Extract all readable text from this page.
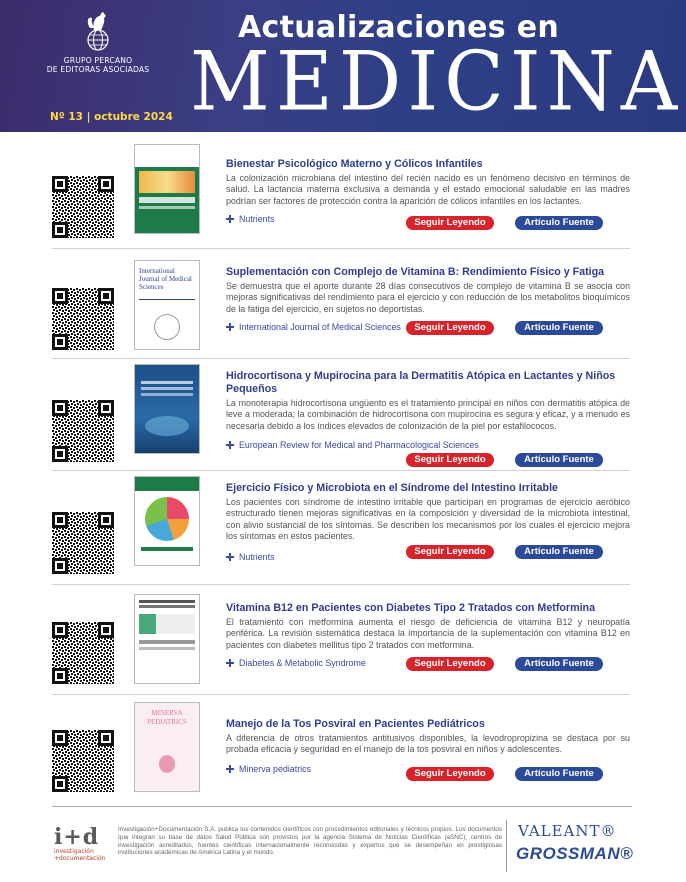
GRUPO PERCANO
DE EDITORAS ASOCIADAS
Actualizaciones en
MEDICINA
Nº 13 | octubre 2024
Bienestar Psicológico Materno y Cólicos Infantiles
La colonización microbiana del intestino del recién nacido es un fenómeno decisivo en términos de salud. La lactancia materna exclusiva a demanda y el estado emocional saludable en las madres podrían ser factores de protección contra la aparición de cólicos infantiles en los lactantes.
Nutrients	Seguir Leyendo	Artículo Fuente
International Journal of Medical Sciences
Suplementación con Complejo de Vitamina B: Rendimiento Físico y Fatiga
Se demuestra que el aporte durante 28 días consecutivos de complejo de vitamina B se asocia con mejoras significativas del rendimiento para el ejercicio y con reducción de los metabolitos bioquímicos de la fatiga del ejercicio, en sujetos no deportistas.
International Journal of Medical Sciences	Seguir Leyendo	Artículo Fuente
Hidrocortisona y Mupirocina para la Dermatitis Atópica en Lactantes y Niños Pequeños
La monoterapia hidrocortisona ungüento es el tratamiento principal en niños con dermatitis atópica de leve a moderada; la combinación de hidrocortisona con mupirocina es segura y eficaz, y a menudo es necesaria debido a los índices elevados de colonización de la piel por estafilococos.
European Review for Medical and Pharmacological Sciences
Seguir Leyendo	Artículo Fuente
Ejercicio Físico y Microbiota en el Síndrome del Intestino Irritable
Los pacientes con síndrome de intestino irritable que participan en programas de ejercicio aeróbico estructurado tienen mejoras significativas en la composición y diversidad de la microbiota intestinal, con alivio sustancial de los síntomas. Se describen los mecanismos por los cuales el ejercicio mejora los síntomas en estos pacientes.
Nutrients	Seguir Leyendo	Artículo Fuente
Vitamina B12 en Pacientes con Diabetes Tipo 2 Tratados con Metformina
El tratamiento con metformina aumenta el riesgo de deficiencia de vitamina B12 y neuropatía periférica. La revisión sistemática destaca la importancia de la suplementación con vitamina B12 en pacientes con diabetes mellitus tipo 2 tratados con metformina.
Diabetes & Metabolic Syndrome	Seguir Leyendo	Artículo Fuente
MINERVA PEDIATRICS	Manejo de la Tos Posviral en Pacientes Pediátricos
A diferencia de otros tratamientos antitusivos disponibles, la levodropropizina se destaca por su probada eficacia y seguridad en el manejo de la tos posviral en niños y adolescentes.
Minerva pediatrics	Seguir Leyendo	Artículo Fuente
i+d
investigación
+documentación
Investigación+Documentación S.A. publica los contenidos científicos con procedimientos editoriales y técnicos propios. Los documentos que integran su base de datos Salud Pública son provistos por la agencia Sistema de Noticias Científicas (aSNC); centros de investigación acreditados, fuentes científicas internacionalmente reconocidas y expertos que se desempeñan en prestigiosas instituciones académicas de América Latina y el mundo.
VALEANT®
GROSSMAN®
